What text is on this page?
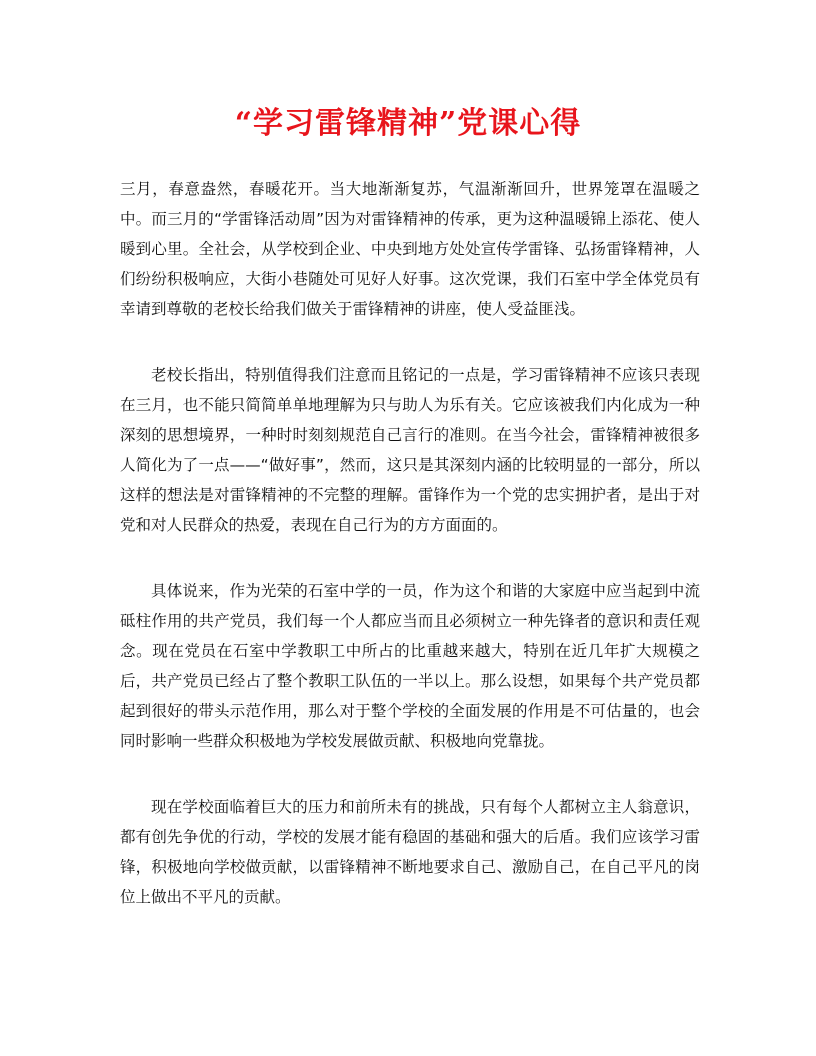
“学习雷锋精神”党课心得

三月，春意盎然，春暖花开。当大地渐渐复苏，气温渐渐回升，世界笼罩在温暖之中。而三月的“学雷锋活动周”因为对雷锋精神的传承，更为这种温暖锦上添花、使人暖到心里。全社会，从学校到企业、中央到地方处处宣传学雷锋、弘扬雷锋精神，人们纷纷积极响应，大街小巷随处可见好人好事。这次党课，我们石室中学全体党员有幸请到尊敬的老校长给我们做关于雷锋精神的讲座，使人受益匪浅。

老校长指出，特别值得我们注意而且铭记的一点是，学习雷锋精神不应该只表现在三月，也不能只简简单单地理解为只与助人为乐有关。它应该被我们内化成为一种深刻的思想境界，一种时时刻刻规范自己言行的准则。在当今社会，雷锋精神被很多人简化为了一点——“做好事”，然而，这只是其深刻内涵的比较明显的一部分，所以这样的想法是对雷锋精神的不完整的理解。雷锋作为一个党的忠实拥护者，是出于对党和对人民群众的热爱，表现在自己行为的方方面面的。

具体说来，作为光荣的石室中学的一员，作为这个和谐的大家庭中应当起到中流砥柱作用的共产党员，我们每一个人都应当而且必须树立一种先锋者的意识和责任观念。现在党员在石室中学教职工中所占的比重越来越大，特别在近几年扩大规模之后，共产党员已经占了整个教职工队伍的一半以上。那么设想，如果每个共产党员都起到很好的带头示范作用，那么对于整个学校的全面发展的作用是不可估量的，也会同时影响一些群众积极地为学校发展做贡献、积极地向党靠拢。

现在学校面临着巨大的压力和前所未有的挑战，只有每个人都树立主人翁意识，都有创先争优的行动，学校的发展才能有稳固的基础和强大的后盾。我们应该学习雷锋，积极地向学校做贡献，以雷锋精神不断地要求自己、激励自己，在自己平凡的岗位上做出不平凡的贡献。
